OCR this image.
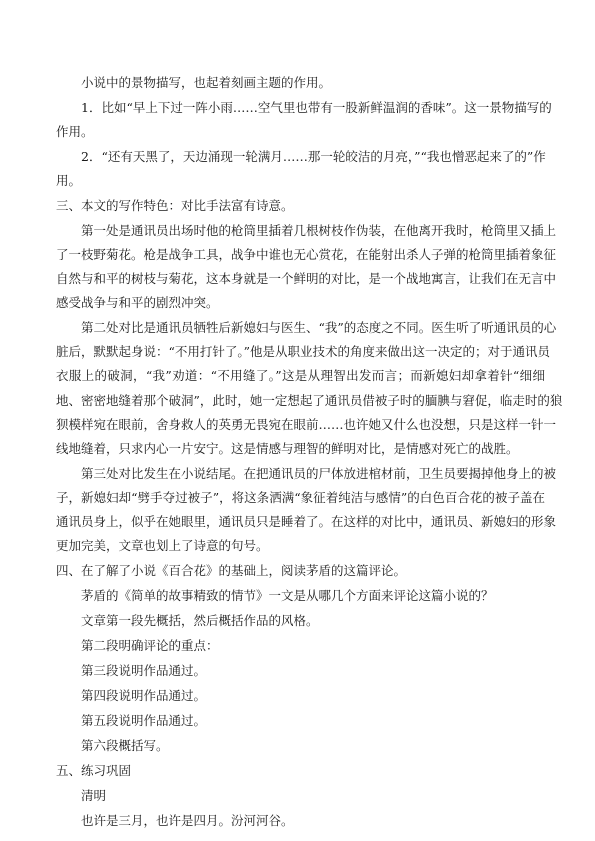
小说中的景物描写，也起着刻画主题的作用。
1．比如“早上下过一阵小雨……空气里也带有一股新鲜温润的香味”。这一景物描写的
作用。
2．“还有天黑了，天边涌现一轮满月……那一轮皎洁的月亮，”“我也憎恶起来了的”作
用。
三、本文的写作特色：对比手法富有诗意。
第一处是通讯员出场时他的枪筒里插着几根树枝作伪装，在他离开我时，枪筒里又插上
了一枝野菊花。枪是战争工具，战争中谁也无心赏花，在能射出杀人子弹的枪筒里插着象征
自然与和平的树枝与菊花，这本身就是一个鲜明的对比，是一个战地寓言，让我们在无言中
感受战争与和平的剧烈冲突。
第二处对比是通讯员牺牲后新媳妇与医生、“我”的态度之不同。医生听了听通讯员的心
脏后，默默起身说：“不用打针了。”他是从职业技术的角度来做出这一决定的；对于通讯员
衣服上的破洞，“我”劝道：“不用缝了。”这是从理智出发而言；而新媳妇却拿着针“细细
地、密密地缝着那个破洞”，此时，她一定想起了通讯员借被子时的腼腆与窘促，临走时的狼
狈模样宛在眼前，舍身救人的英勇无畏宛在眼前……也许她又什么也没想，只是这样一针一
线地缝着，只求内心一片安宁。这是情感与理智的鲜明对比，是情感对死亡的战胜。
第三处对比发生在小说结尾。在把通讯员的尸体放进棺材前，卫生员要揭掉他身上的被
子，新媳妇却“劈手夺过被子”，将这条洒满“象征着纯洁与感情”的白色百合花的被子盖在
通讯员身上，似乎在她眼里，通讯员只是睡着了。在这样的对比中，通讯员、新媳妇的形象
更加完美，文章也划上了诗意的句号。
四、在了解了小说《百合花》的基础上，阅读茅盾的这篇评论。
茅盾的《简单的故事精致的情节》一文是从哪几个方面来评论这篇小说的？
文章第一段先概括，然后概括作品的风格。
第二段明确评论的重点：
第三段说明作品通过。
第四段说明作品通过。
第五段说明作品通过。
第六段概括写。
五、练习巩固
清明
也许是三月，也许是四月。汾河河谷。
